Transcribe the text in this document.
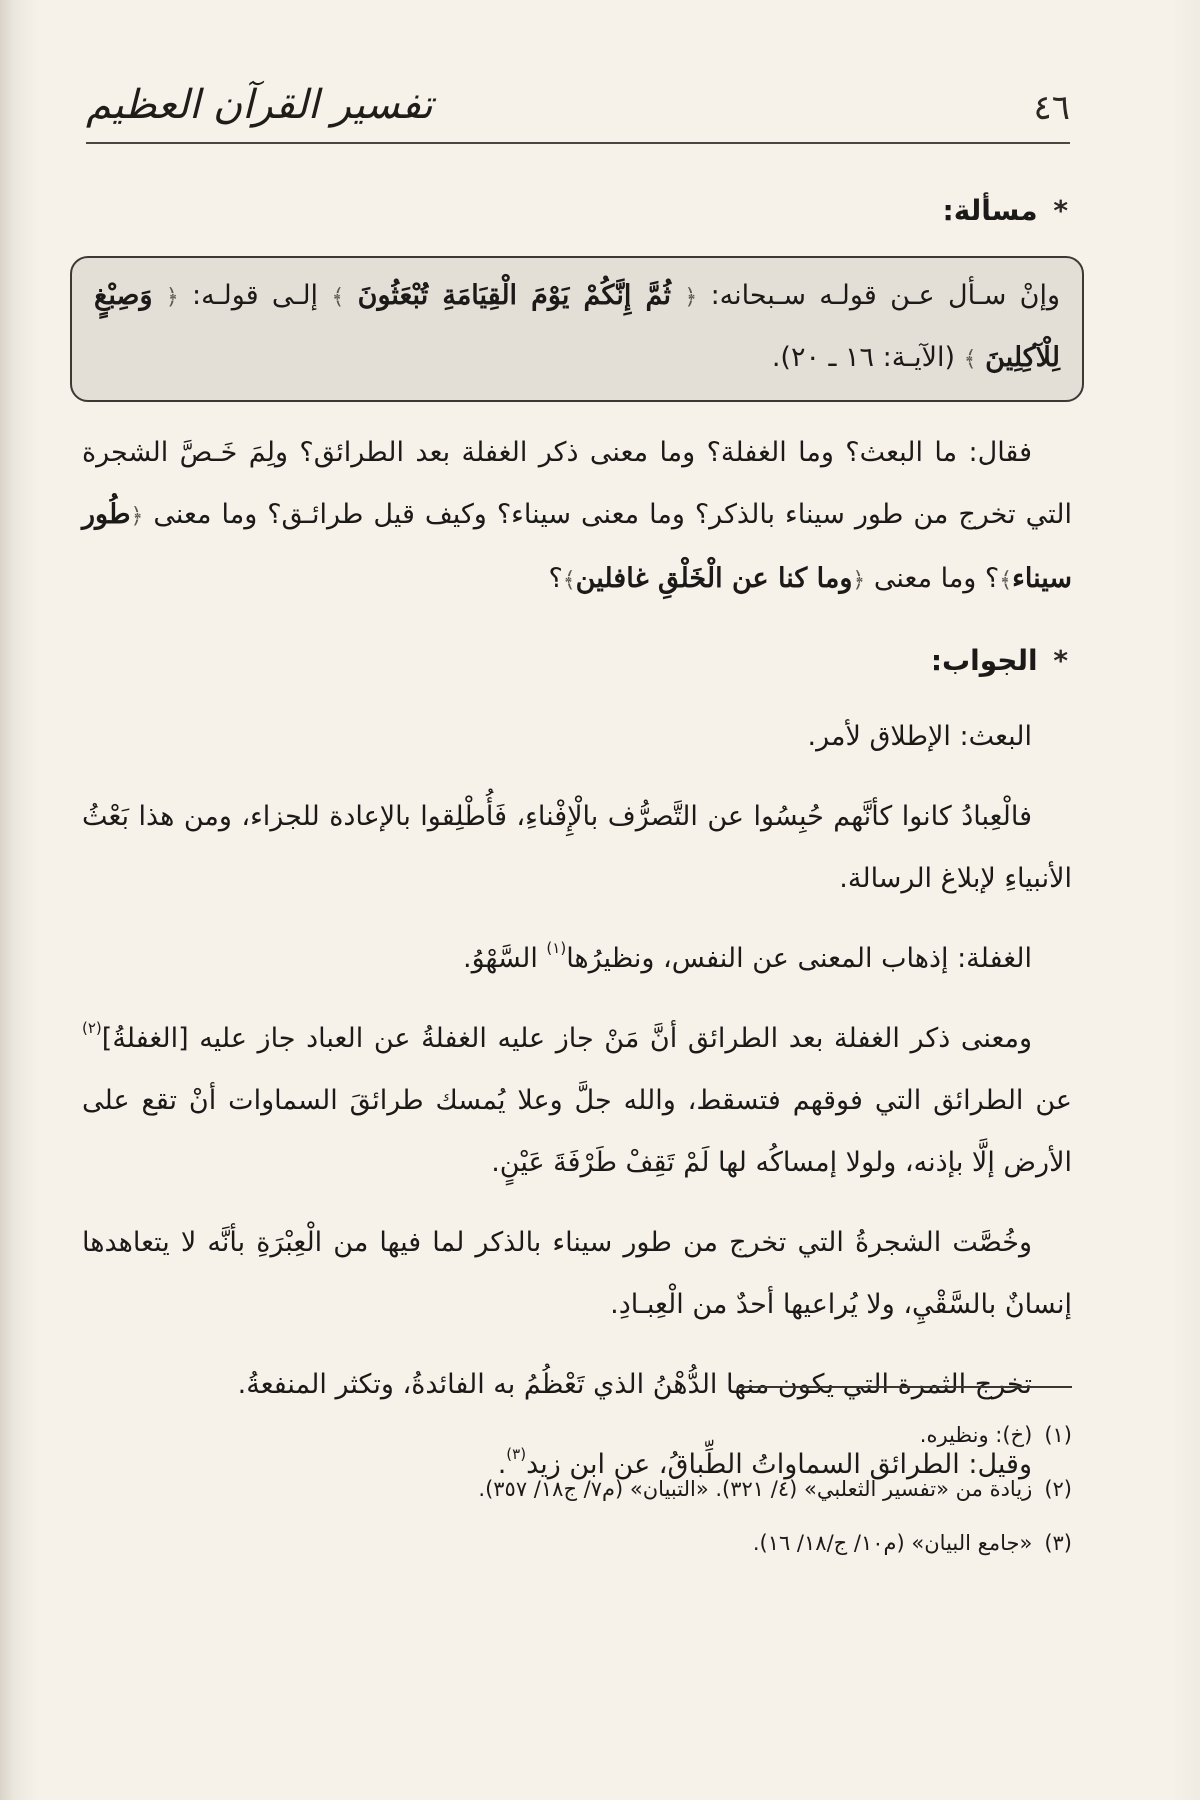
٤٦
تفسير القرآن العظيم
* مسألة:
وإنْ سـأل عـن قولـه سـبحانه: ﴿ ثُمَّ إِنَّكُمْ يَوْمَ الْقِيَامَةِ تُبْعَثُونَ ﴾ إلـى قولـه: ﴿ وَصِبْغٍ لِلْآكِلِينَ ﴾ (الآيـة: ١٦ ـ ٢٠).

فقال: ما البعث؟ وما الغفلة؟ وما معنى ذكر الغفلة بعد الطرائق؟ ولِمَ خَـصَّ الشجرة التي تخرج من طور سيناء بالذكر؟ وما معنى سيناء؟ وكيف قيل طرائـق؟ وما معنى ﴿طُور سيناء﴾؟ وما معنى ﴿وما كنا عن الْخَلْقِ غافلين﴾؟

* الجواب:

البعث: الإطلاق لأمر.

فالْعِبادُ كانوا كأنَّهم حُبِسُوا عن التَّصرُّف بالْإِفْناءِ، فَأُطْلِقوا بالإعادة للجزاء، ومن هذا بَعْثُ الأنبياءِ لإبلاغ الرسالة.

الغفلة: إذهاب المعنى عن النفس، ونظيرُها$^{(١)}$ السَّهْوُ.

ومعنى ذكر الغفلة بعد الطرائق أنَّ مَنْ جاز عليه الغفلةُ عن العباد جاز عليه [الغفلةُ]$^{(٢)}$ عن الطرائق التي فوقهم فتسقط، والله جلَّ وعلا يُمسك طرائقَ السماوات أنْ تقع على الأرض إلَّا بإذنه، ولولا إمساكُه لها لَمْ تَقِفْ طَرْفَةَ عَيْنٍ.

وخُصَّت الشجرةُ التي تخرج من طور سيناء بالذكر لما فيها من الْعِبْرَةِ بأنَّه لا يتعاهدها إنسانٌ بالسَّقْيِ، ولا يُراعيها أحدٌ من الْعِبـادِ.

تخرج الثمرة التي يكون منها الدُّهْنُ الذي تَعْظُمُ به الفائدةُ، وتكثر المنفعةُ.

وقيل: الطرائق السماواتُ الطِّباقُ، عن ابن زيد$^{(٣)}$.

(١)(خ): ونظيره.
(٢)زيادة من «تفسير الثعلبي» (٤/ ٣٢١). «التبيان» (م٧/ ج١٨/ ٣٥٧).
(٣)«جامع البيان» (م١٠/ ج/١٨/ ١٦).
